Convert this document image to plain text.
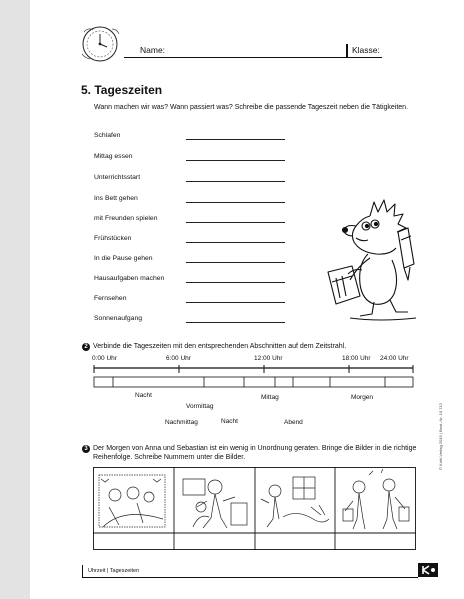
Name:	Klasse:
5. Tageszeiten
Wann machen wir was? Wann passiert was? Schreibe die passende Tageszeit neben die Tätigkeiten.
Schlafen
Mittag essen
Unterrichtsstart
Ins Bett gehen
mit Freunden spielen
Frühstücken
In die Pause gehen
Hausaufgaben machen
Fernsehen
Sonnenaufgang
2 Verbinde die Tageszeiten mit den entsprechenden Abschnitten auf dem Zeitstrahl.
0:00 Uhr	6:00 Uhr	12:00 Uhr	18:00 Uhr 24:00 Uhr
Nacht
Vormittag
Mittag	Morgen
Nachmittag	Nacht	Abend
3 Der Morgen von Anna und Sebastian ist ein wenig in Unordnung geraten. Bringe die Bilder in die richtige Reihenfolge. Schreibe Nummern unter die Bilder.	© Kohl-Verlag 2019 | Best.-Nr. 10 712
Uhrzeit | Tageszeiten
